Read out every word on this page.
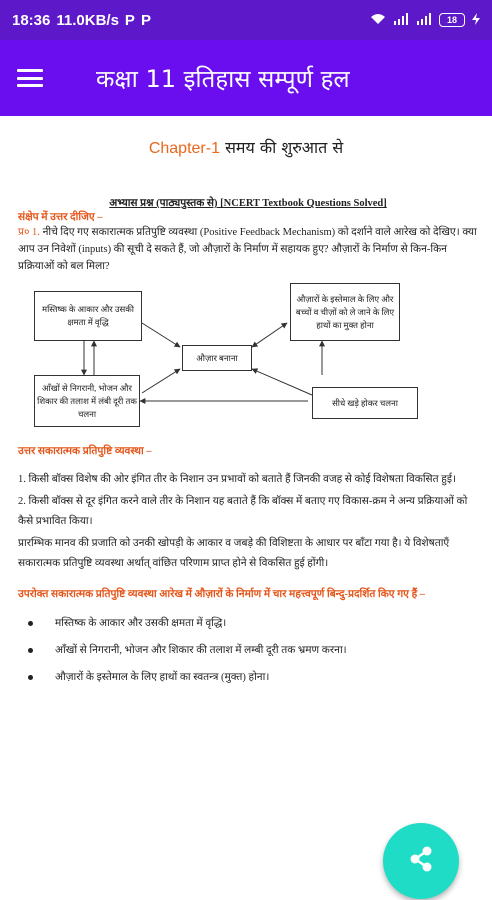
18:36 11.0KB/s P P	18
कक्षा 11 इतिहास सम्पूर्ण हल
Chapter-1 समय की शुरुआत से
अभ्यास प्रश्न (पाठ्यपुस्तक से) [NCERT Textbook Questions Solved]
संक्षेप में उत्तर दीजिए –
प्र० 1. नीचे दिए गए सकारात्मक प्रतिपुष्टि व्यवस्था (Positive Feedback Mechanism) को दर्शाने वाले आरेख को देखिए। क्या आप उन निवेशों (inputs) की सूची दे सकते हैं, जो औज़ारों के निर्माण में सहायक हुए? औज़ारों के निर्माण से किन-किन प्रक्रियाओं को बल मिला?
मस्तिष्क के आकार और उसकी क्षमता में वृद्धि
औज़ारों के इस्तेमाल के लिए और बच्चों व चीज़ों को ले जाने के लिए हाथों का मुक्त होना
औज़ार बनाना
आँखों से निगरानी, भोजन और शिकार की तलाश में लंबी दूरी तक चलना
सीधे खड़े होकर चलना
उत्तर सकारात्मक प्रतिपुष्टि व्यवस्था –
1. किसी बॉक्स विशेष की ओर इंगित तीर के निशान उन प्रभावों को बताते हैं जिनकी वजह से कोई विशेषता विकसित हुई।
2. किसी बॉक्स से दूर इंगित करने वाले तीर के निशान यह बताते हैं कि बॉक्स में बताए गए विकास-क्रम ने अन्य प्रक्रियाओं को कैसे प्रभावित किया।
प्रारम्भिक मानव की प्रजाति को उनकी खोपड़ी के आकार व जबड़े की विशिष्टता के आधार पर बाँटा गया है। ये विशेषताएँ सकारात्मक प्रतिपुष्टि व्यवस्था अर्थात् वांछित परिणाम प्राप्त होने से विकसित हुई होंगी।
उपरोक्त सकारात्मक प्रतिपुष्टि व्यवस्था आरेख में औज़ारों के निर्माण में चार महत्त्वपूर्ण बिन्दु-प्रदर्शित किए गए हैं –
मस्तिष्क के आकार और उसकी क्षमता में वृद्धि।
आँखों से निगरानी, भोजन और शिकार की तलाश में लम्बी दूरी तक भ्रमण करना।
औज़ारों के इस्तेमाल के लिए हाथों का स्वतन्त्र (मुक्त) होना।
